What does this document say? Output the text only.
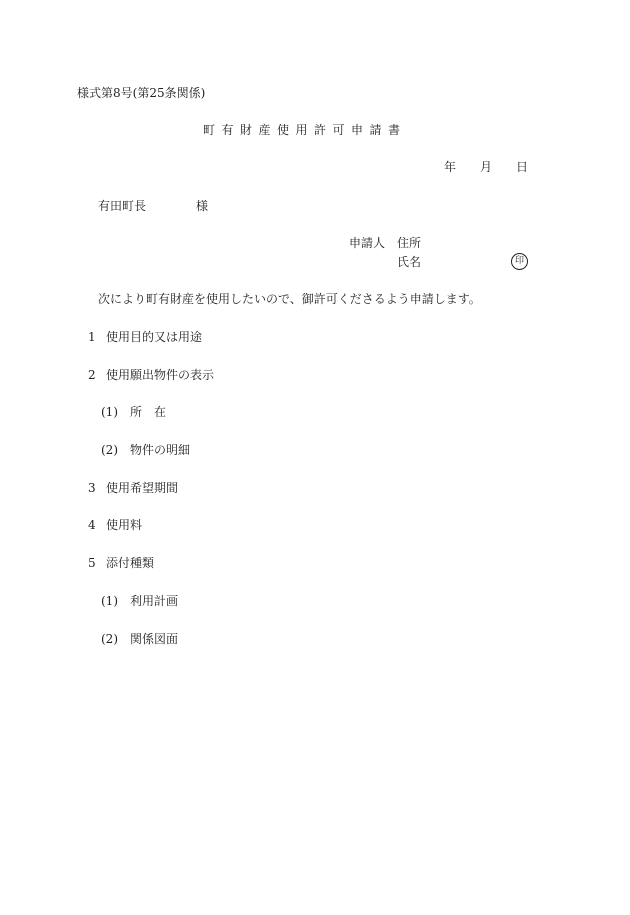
様式第8号(第25条関係)
町有財産使用許可申請書
年 月 日
有田町長	様
申請人 住所
氏名	印
次により町有財産を使用したいので、御許可くださるよう申請します。
1 使用目的又は用途
2 使用願出物件の表示
(1) 所在
(2) 物件の明細
3 使用希望期間
4 使用料
5 添付種類
(1) 利用計画
(2) 関係図面
